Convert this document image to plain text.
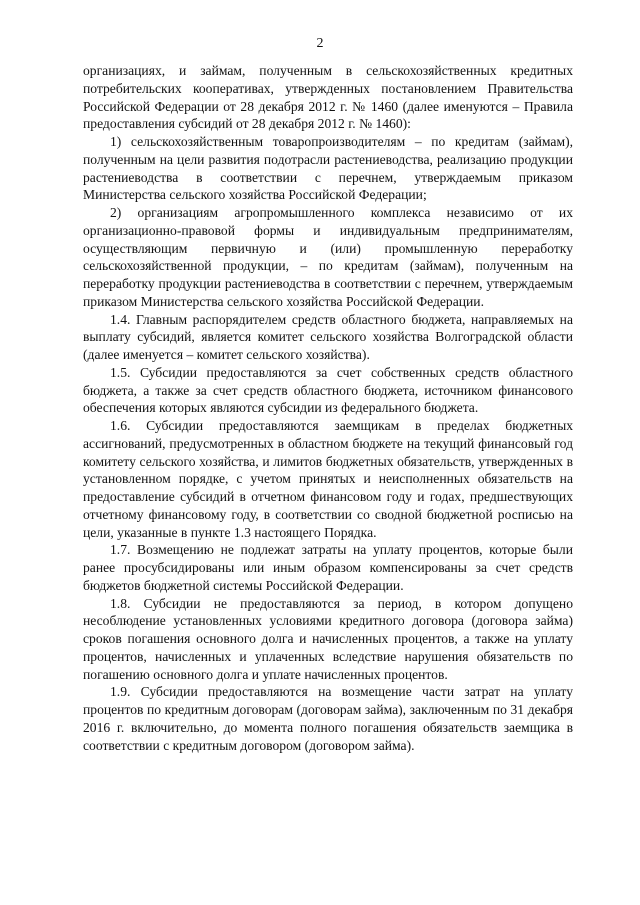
2

организациях, и займам, полученным в сельскохозяйственных кредитных потребительских кооперативах, утвержденных постановлением Правительства Российской Федерации от 28 декабря 2012 г. № 1460 (далее именуются – Правила предоставления субсидий от 28 декабря 2012 г. № 1460):

1) сельскохозяйственным товаропроизводителям – по кредитам (займам), полученным на цели развития подотрасли растениеводства, реализацию продукции растениеводства в соответствии с перечнем, утверждаемым приказом Министерства сельского хозяйства Российской Федерации;

2) организациям агропромышленного комплекса независимо от их организационно-правовой формы и индивидуальным предпринимателям, осуществляющим первичную и (или) промышленную переработку сельскохозяйственной продукции, – по кредитам (займам), полученным на переработку продукции растениеводства в соответствии с перечнем, утверждаемым приказом Министерства сельского хозяйства Российской Федерации.

1.4. Главным распорядителем средств областного бюджета, направляемых на выплату субсидий, является комитет сельского хозяйства Волгоградской области (далее именуется – комитет сельского хозяйства).

1.5. Субсидии предоставляются за счет собственных средств областного бюджета, а также за счет средств областного бюджета, источником финансового обеспечения которых являются субсидии из федерального бюджета.

1.6. Субсидии предоставляются заемщикам в пределах бюджетных ассигнований, предусмотренных в областном бюджете на текущий финансовый год комитету сельского хозяйства, и лимитов бюджетных обязательств, утвержденных в установленном порядке, с учетом принятых и неисполненных обязательств на предоставление субсидий в отчетном финансовом году и годах, предшествующих отчетному финансовому году, в соответствии со сводной бюджетной росписью на цели, указанные в пункте 1.3 настоящего Порядка.

1.7. Возмещению не подлежат затраты на уплату процентов, которые были ранее просубсидированы или иным образом компенсированы за счет средств бюджетов бюджетной системы Российской Федерации.

1.8. Субсидии не предоставляются за период, в котором допущено несоблюдение установленных условиями кредитного договора (договора займа) сроков погашения основного долга и начисленных процентов, а также на уплату процентов, начисленных и уплаченных вследствие нарушения обязательств по погашению основного долга и уплате начисленных процентов.

1.9. Субсидии предоставляются на возмещение части затрат на уплату процентов по кредитным договорам (договорам займа), заключенным по 31 декабря 2016 г. включительно, до момента полного погашения обязательств заемщика в соответствии с кредитным договором (договором займа).
